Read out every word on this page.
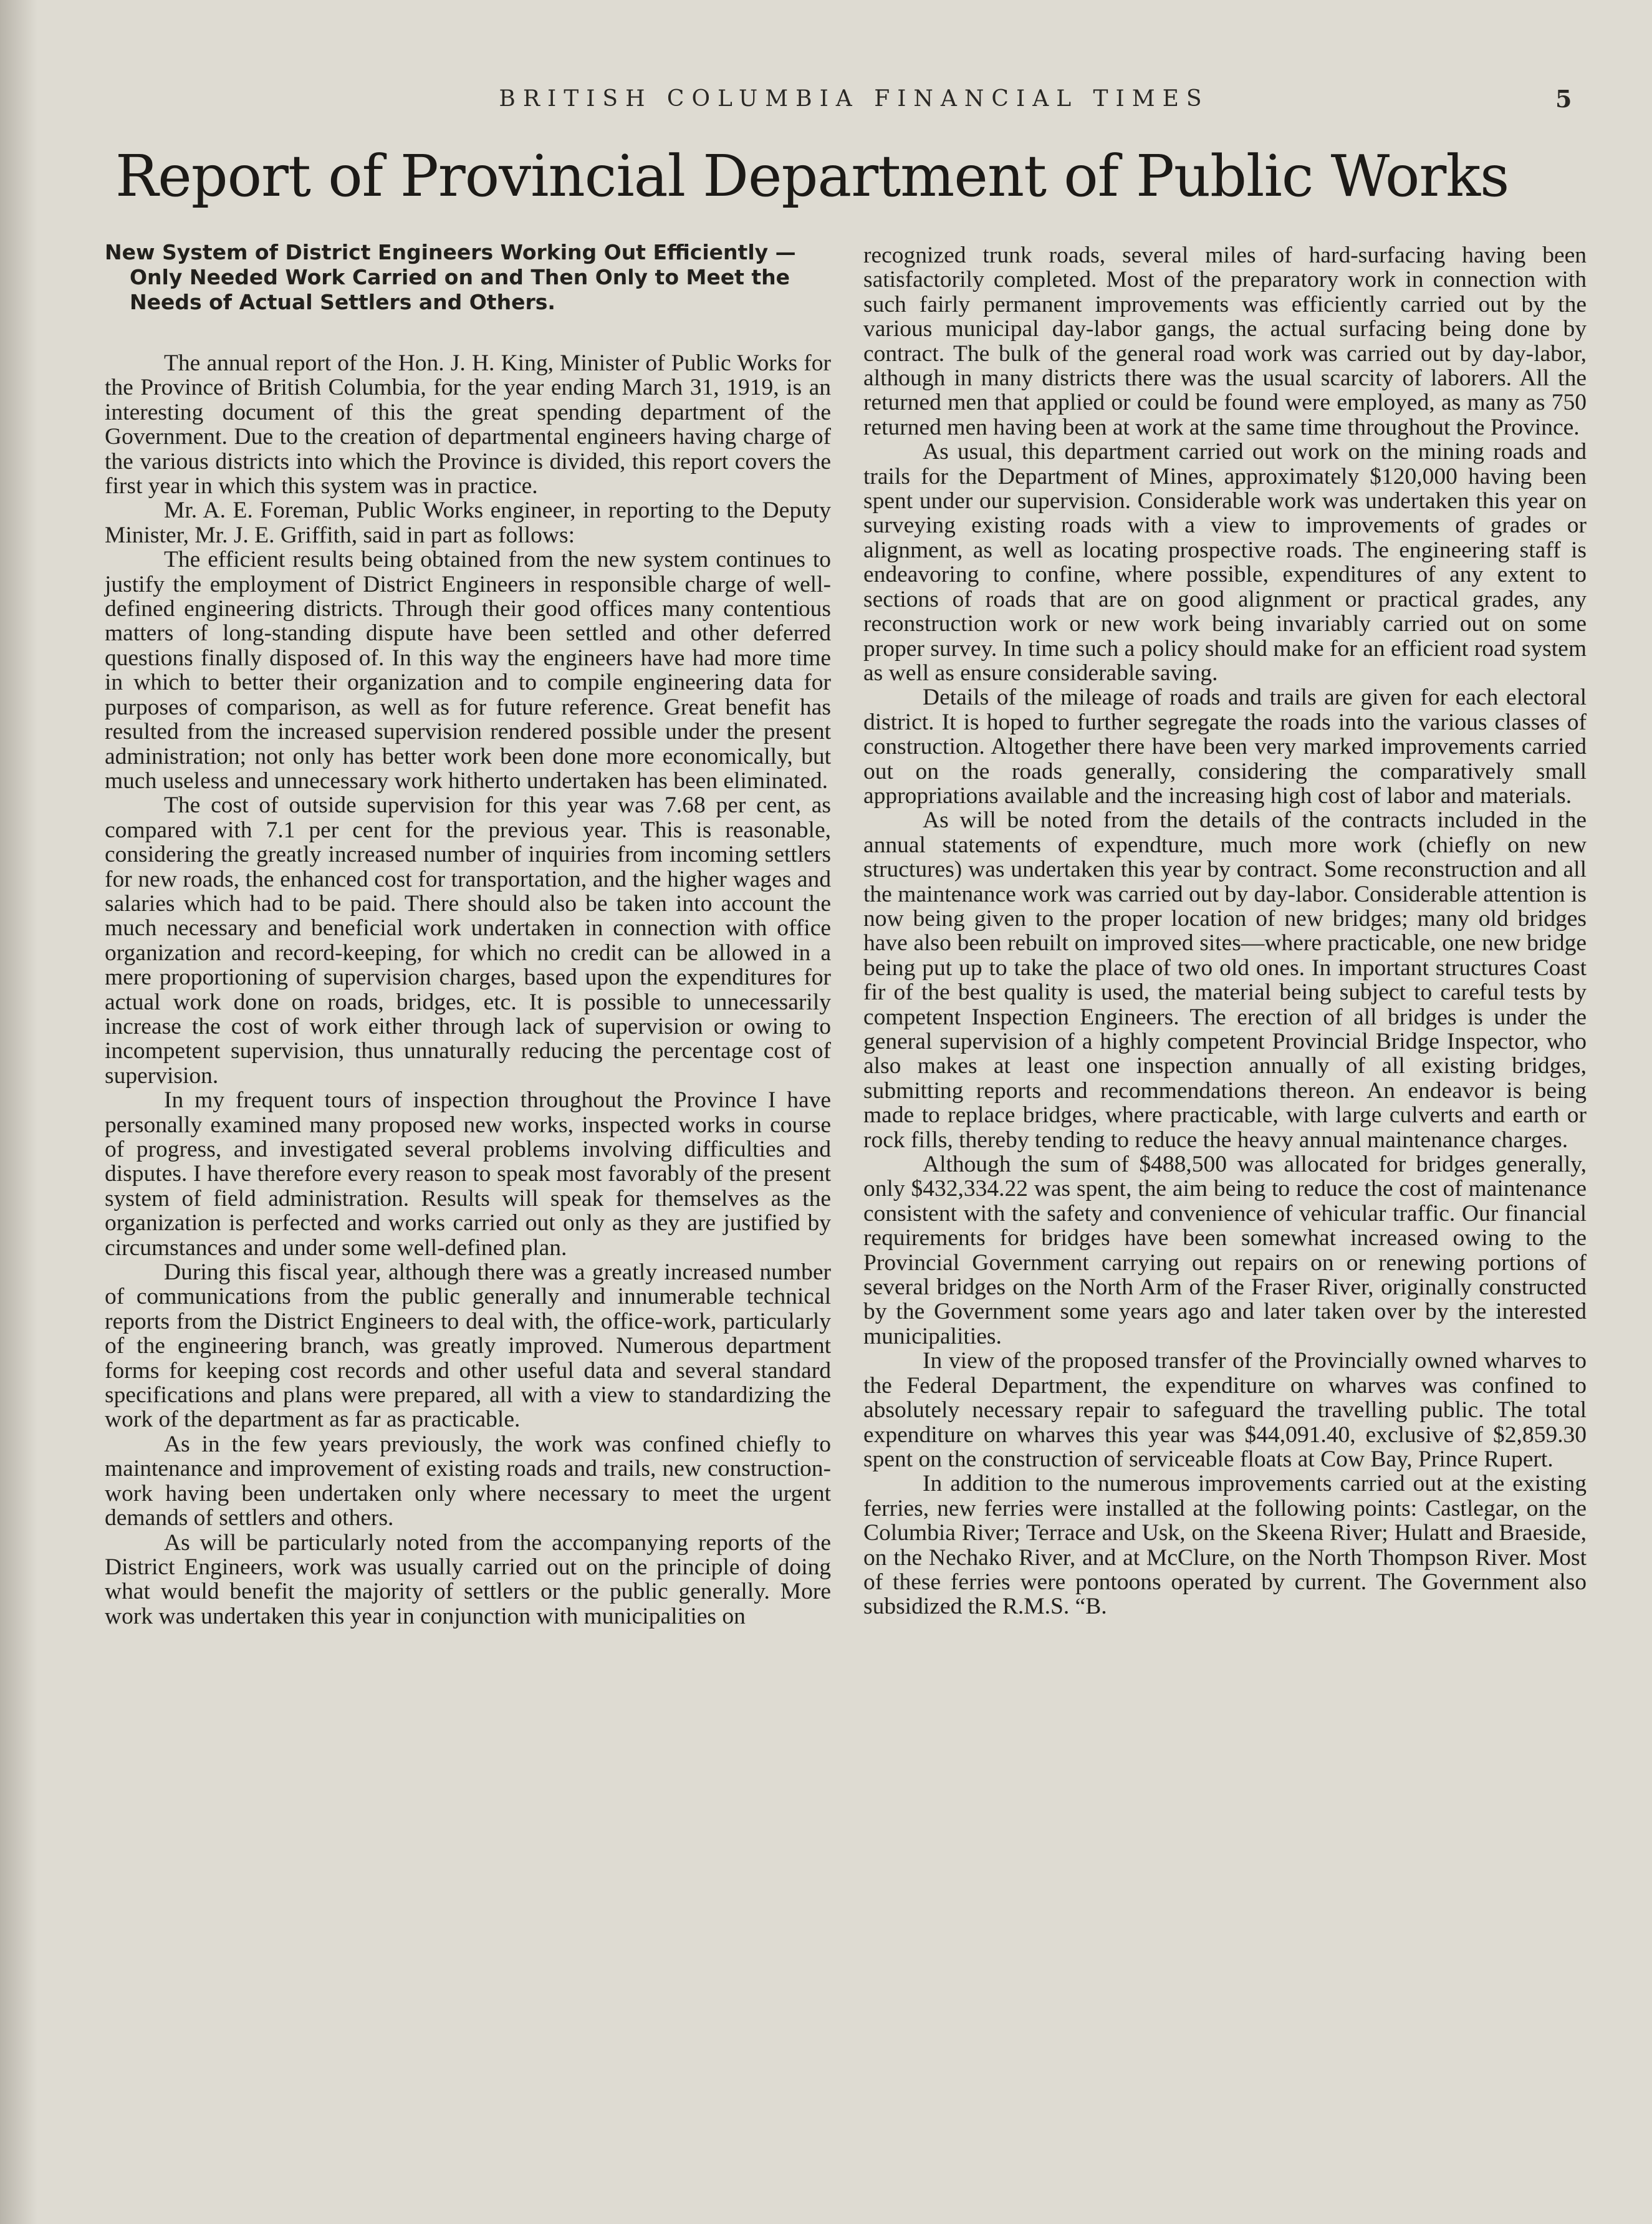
BRITISH COLUMBIA FINANCIAL TIMES	5
Report of Provincial Department of Public Works

New System of District Engineers Working Out Efficiently —Only Needed Work Carried on and Then Only to Meet the Needs of Actual Settlers and Others.

The annual report of the Hon. J. H. King, Minister of Public Works for the Province of British Columbia, for the year ending March 31, 1919, is an interesting document of this the great spending department of the Government. Due to the creation of departmental engineers having charge of the various districts into which the Province is divided, this report covers the first year in which this system was in practice.

Mr. A. E. Foreman, Public Works engineer, in reporting to the Deputy Minister, Mr. J. E. Griffith, said in part as follows:

The efficient results being obtained from the new system continues to justify the employment of District Engineers in responsible charge of well-defined engineering districts. Through their good offices many contentious matters of long-standing dispute have been settled and other deferred questions finally disposed of. In this way the engineers have had more time in which to better their organization and to compile engineering data for purposes of comparison, as well as for future reference. Great benefit has resulted from the increased supervision rendered possible under the present administration; not only has better work been done more economically, but much useless and unnecessary work hitherto undertaken has been eliminated.

The cost of outside supervision for this year was 7.68 per cent, as compared with 7.1 per cent for the previous year. This is reasonable, considering the greatly increased number of inquiries from incoming settlers for new roads, the enhanced cost for transportation, and the higher wages and salaries which had to be paid. There should also be taken into account the much necessary and beneficial work undertaken in connection with office organization and record-keeping, for which no credit can be allowed in a mere proportioning of supervision charges, based upon the expenditures for actual work done on roads, bridges, etc. It is possible to unnecessarily increase the cost of work either through lack of supervision or owing to incompetent supervision, thus unnaturally reducing the percentage cost of supervision.

In my frequent tours of inspection throughout the Province I have personally examined many proposed new works, inspected works in course of progress, and investigated several problems involving difficulties and disputes. I have therefore every reason to speak most favorably of the present system of field administration. Results will speak for themselves as the organization is perfected and works carried out only as they are justified by circumstances and under some well-defined plan.

During this fiscal year, although there was a greatly increased number of communications from the public generally and innumerable technical reports from the District Engineers to deal with, the office-work, particularly of the engineering branch, was greatly improved. Numerous department forms for keeping cost records and other useful data and several standard specifications and plans were prepared, all with a view to standardizing the work of the department as far as practicable.

As in the few years previously, the work was confined chiefly to maintenance and improvement of existing roads and trails, new construction-work having been undertaken only where necessary to meet the urgent demands of settlers and others.

As will be particularly noted from the accompanying reports of the District Engineers, work was usually carried out on the principle of doing what would benefit the majority of settlers or the public generally. More work was undertaken this year in conjunction with municipalities on

recognized trunk roads, several miles of hard-surfacing having been satisfactorily completed. Most of the preparatory work in connection with such fairly permanent improvements was efficiently carried out by the various municipal day-labor gangs, the actual surfacing being done by contract. The bulk of the general road work was carried out by day-labor, although in many districts there was the usual scarcity of laborers. All the returned men that applied or could be found were employed, as many as 750 returned men having been at work at the same time throughout the Province.

As usual, this department carried out work on the mining roads and trails for the Department of Mines, approximately $120,000 having been spent under our supervision. Considerable work was undertaken this year on surveying existing roads with a view to improvements of grades or alignment, as well as locating prospective roads. The engineering staff is endeavoring to confine, where possible, expenditures of any extent to sections of roads that are on good alignment or practical grades, any reconstruction work or new work being invariably carried out on some proper survey. In time such a policy should make for an efficient road system as well as ensure considerable saving.

Details of the mileage of roads and trails are given for each electoral district. It is hoped to further segregate the roads into the various classes of construction. Altogether there have been very marked improvements carried out on the roads generally, considering the comparatively small appropriations available and the increasing high cost of labor and materials.

As will be noted from the details of the contracts included in the annual statements of expendture, much more work (chiefly on new structures) was undertaken this year by contract. Some reconstruction and all the maintenance work was carried out by day-labor. Considerable attention is now being given to the proper location of new bridges; many old bridges have also been rebuilt on improved sites—where practicable, one new bridge being put up to take the place of two old ones. In important structures Coast fir of the best quality is used, the material being subject to careful tests by competent Inspection Engineers. The erection of all bridges is under the general supervision of a highly competent Provincial Bridge Inspector, who also makes at least one inspection annually of all existing bridges, submitting reports and recommendations thereon. An endeavor is being made to replace bridges, where practicable, with large culverts and earth or rock fills, thereby tending to reduce the heavy annual maintenance charges.

Although the sum of $488,500 was allocated for bridges generally, only $432,334.22 was spent, the aim being to reduce the cost of maintenance consistent with the safety and convenience of vehicular traffic. Our financial requirements for bridges have been somewhat increased owing to the Provincial Government carrying out repairs on or renewing portions of several bridges on the North Arm of the Fraser River, originally constructed by the Government some years ago and later taken over by the interested municipalities.

In view of the proposed transfer of the Provincially owned wharves to the Federal Department, the expenditure on wharves was confined to absolutely necessary repair to safeguard the travelling public. The total expenditure on wharves this year was $44,091.40, exclusive of $2,859.30 spent on the construction of serviceable floats at Cow Bay, Prince Rupert.

In addition to the numerous improvements carried out at the existing ferries, new ferries were installed at the following points: Castlegar, on the Columbia River; Terrace and Usk, on the Skeena River; Hulatt and Braeside, on the Nechako River, and at McClure, on the North Thompson River. Most of these ferries were pontoons operated by current. The Government also subsidized the R.M.S. “B.
